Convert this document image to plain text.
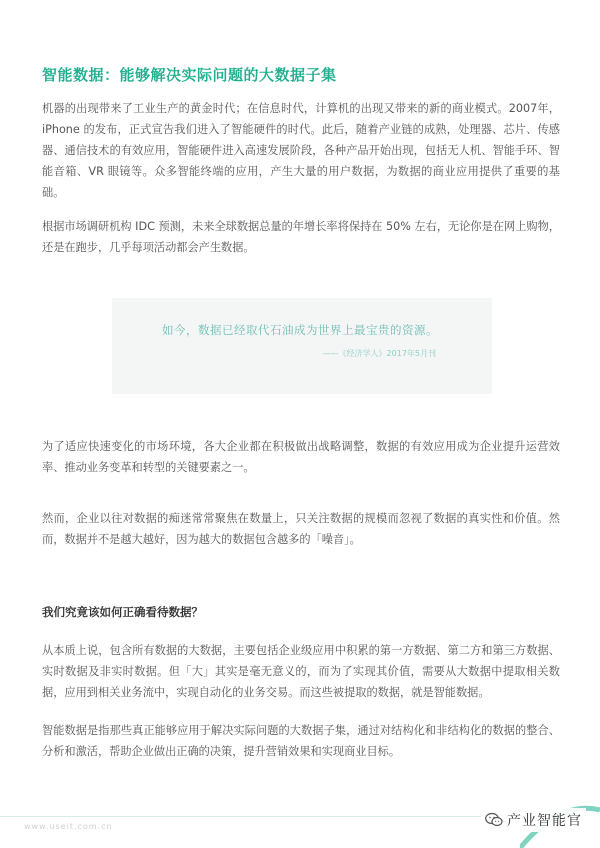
智能数据：能够解决实际问题的大数据子集

机器的出现带来了工业生产的黄金时代；在信息时代，计算机的出现又带来的新的商业模式。2007年，iPhone 的发布，正式宣告我们进入了智能硬件的时代。此后，随着产业链的成熟，处理器、芯片、传感器、通信技术的有效应用，智能硬件进入高速发展阶段，各种产品开始出现，包括无人机、智能手环、智能音箱、VR 眼镜等。众多智能终端的应用，产生大量的用户数据，为数据的商业应用提供了重要的基础。

根据市场调研机构 IDC 预测，未来全球数据总量的年增长率将保持在 50% 左右，无论你是在网上购物，还是在跑步，几乎每项活动都会产生数据。

如今，数据已经取代石油成为世界上最宝贵的资源。
——《经济学人》2017年5月刊

为了适应快速变化的市场环境，各大企业都在积极做出战略调整，数据的有效应用成为企业提升运营效率、推动业务变革和转型的关键要素之一。

然而，企业以往对数据的痴迷常常聚焦在数量上，只关注数据的规模而忽视了数据的真实性和价值。然而，数据并不是越大越好，因为越大的数据包含越多的「噪音」。

我们究竟该如何正确看待数据？

从本质上说，包含所有数据的大数据，主要包括企业级应用中积累的第一方数据、第二方和第三方数据、实时数据及非实时数据。但「大」其实是毫无意义的，而为了实现其价值，需要从大数据中提取相关数据，应用到相关业务流中，实现自动化的业务交易。而这些被提取的数据，就是智能数据。

智能数据是指那些真正能够应用于解决实际问题的大数据子集，通过对结构化和非结构化的数据的整合、分析和激活，帮助企业做出正确的决策，提升营销效果和实现商业目标。

www.useit.com.cn	产业智能官
